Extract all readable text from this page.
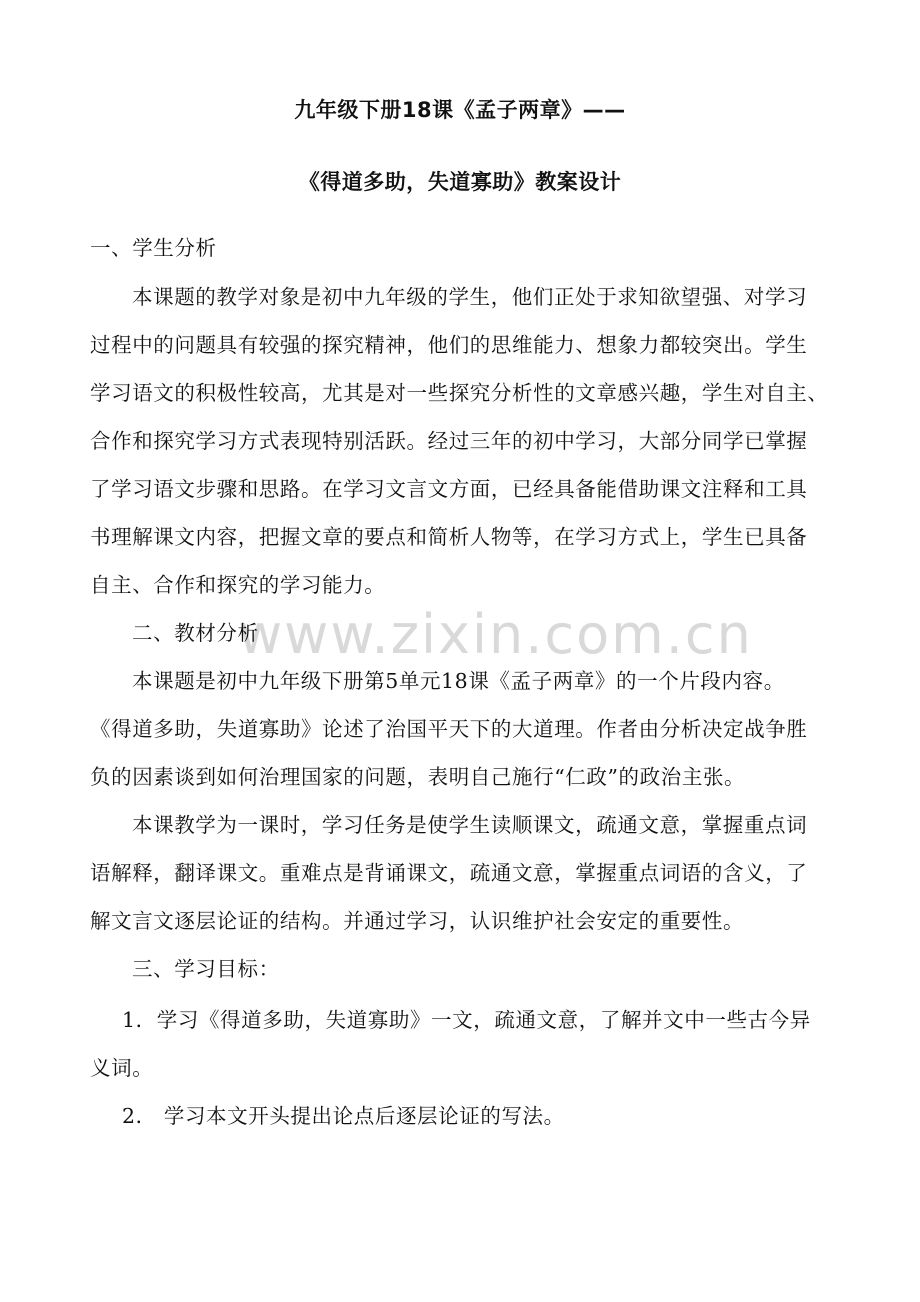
九年级下册18课《孟子两章》——
《得道多助，失道寡助》教案设计
www.zixin.com.cn
一、学生分析
本课题的教学对象是初中九年级的学生，他们正处于求知欲望强、对学习
过程中的问题具有较强的探究精神，他们的思维能力、想象力都较突出。学生
学习语文的积极性较高，尤其是对一些探究分析性的文章感兴趣，学生对自主、
合作和探究学习方式表现特别活跃。经过三年的初中学习，大部分同学已掌握
了学习语文步骤和思路。在学习文言文方面，已经具备能借助课文注释和工具
书理解课文内容，把握文章的要点和简析人物等，在学习方式上，学生已具备
自主、合作和探究的学习能力。
二、教材分析
本课题是初中九年级下册第5单元18课《孟子两章》的一个片段内容。
《得道多助，失道寡助》论述了治国平天下的大道理。作者由分析决定战争胜
负的因素谈到如何治理国家的问题，表明自己施行“仁政”的政治主张。
本课教学为一课时，学习任务是使学生读顺课文，疏通文意，掌握重点词
语解释，翻译课文。重难点是背诵课文，疏通文意，掌握重点词语的含义，了
解文言文逐层论证的结构。并通过学习，认识维护社会安定的重要性。
三、学习目标：
1．学习《得道多助，失道寡助》一文，疏通文意，了解并文中一些古今异
义词。
2． 学习本文开头提出论点后逐层论证的写法。
